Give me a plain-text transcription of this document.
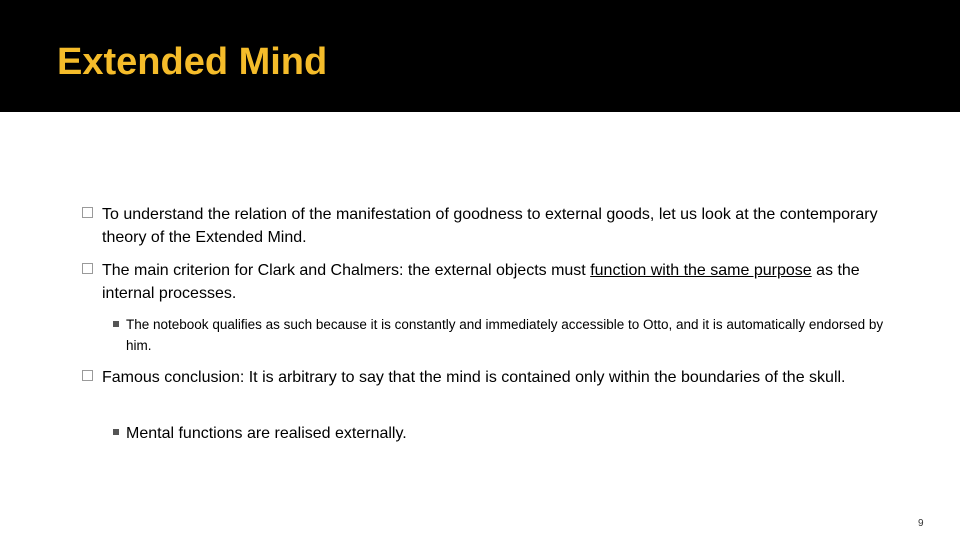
Extended Mind
To understand the relation of the manifestation of goodness to external goods, let us look at the contemporary theory of the Extended Mind.
The main criterion for Clark and Chalmers: the external objects must function with the same purpose as the internal processes.
The notebook qualifies as such because it is constantly and immediately accessible to Otto, and it is automatically endorsed by him.
Famous conclusion: It is arbitrary to say that the mind is contained only within the boundaries of the skull.
Mental functions are realised externally.
9
